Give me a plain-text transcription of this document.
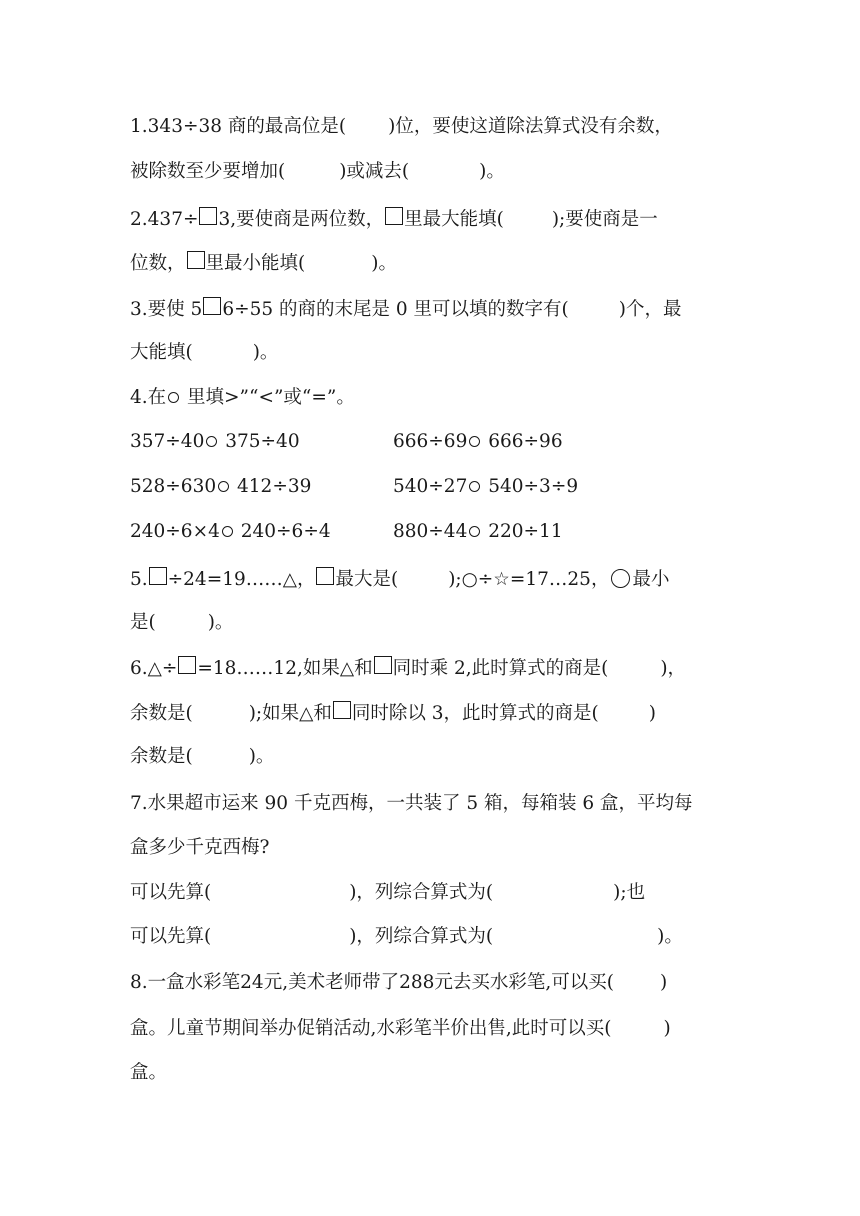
1.343÷38 商的最高位是( )位，要使这道除法算式没有余数，
被除数至少要增加(	)或减去(	)。
2.437÷ 3,要使商是两位数， 里最大能填(	);要使商是一
位数， 里最小能填(	)。
3.要使 5 6÷55 的商的末尾是 0 里可以填的数字有(	)个，最
大能填(	)。
4.在 里填>”“<”或“=”。
357÷40 375÷40	666÷69 666÷96
528÷630 412÷39	540÷27 540÷3÷9
240÷6×4 240÷6÷4	880÷44 220÷11
5. ÷24=19……△， 最大是(	);○÷☆=17…25， 最小
是(	)。
6.△÷ =18……12,如果△和 同时乘 2,此时算式的商是(	)，
余数是(	);如果△和 同时除以 3，此时算式的商是(	)
余数是(	)。
7.水果超市运来 90 千克西梅，一共装了 5 箱，每箱装 6 盒，平均每
盒多少千克西梅?
可以先算(	)，列综合算式为(	);也
可以先算(	)，列综合算式为(	)。
8.一盒水彩笔24元,美术老师带了288元去买水彩笔,可以买( )
盒。儿童节期间举办促销活动,水彩笔半价出售,此时可以买(	)
盒。
